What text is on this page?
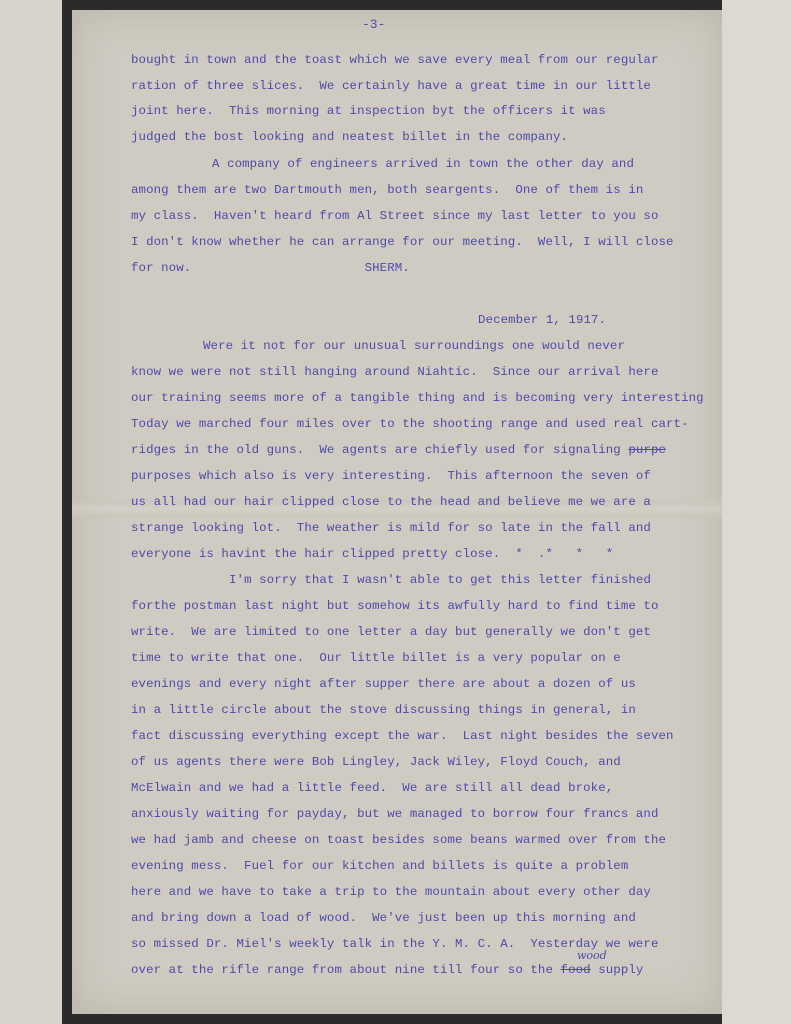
-3-

bought in town and the toast which we save every meal from our regular

ration of three slices.  We certainly have a great time in our little

joint here.  This morning at inspection byt the officers it was

judged the bost looking and neatest billet in the company.

A company of engineers arrived in town the other day and

among them are two Dartmouth men, both seargents.  One of them is in

my class.  Haven't heard from Al Street since my last letter to you so

I don't know whether he can arrange for our meeting.  Well, I will close

for now.                       SHERM.

December 1, 1917.

Were it not for our unusual surroundings one would never

know we were not still hanging around Niahtic.  Since our arrival here

our training seems more of a tangible thing and is becoming very interesting

Today we marched four miles over to the shooting range and used real cart-

ridges in the old guns.  We agents are chiefly used for signaling purpe

purposes which also is very interesting.  This afternoon the seven of

us all had our hair clipped close to the head and believe me we are a

strange looking lot.  The weather is mild for so late in the fall and

everyone is havint the hair clipped pretty close.  *  .*   *   *

I'm sorry that I wasn't able to get this letter finished

forthe postman last night but somehow its awfully hard to find time to

write.  We are limited to one letter a day but generally we don't get

time to write that one.  Our little billet is a very popular on e

evenings and every night after supper there are about a dozen of us

in a little circle about the stove discussing things in general, in

fact discussing everything except the war.  Last night besides the seven

of us agents there were Bob Lingley, Jack Wiley, Floyd Couch, and

McElwain and we had a little feed.  We are still all dead broke,

anxiously waiting for payday, but we managed to borrow four francs and

we had jamb and cheese on toast besides some beans warmed over from the

evening mess.  Fuel for our kitchen and billets is quite a problem

here and we have to take a trip to the mountain about every other day

and bring down a load of wood.  We've just been up this morning and

so missed Dr. Miel's weekly talk in the Y. M. C. A.  Yesterday we were

over at the rifle range from about nine till four so the food supply

wood
